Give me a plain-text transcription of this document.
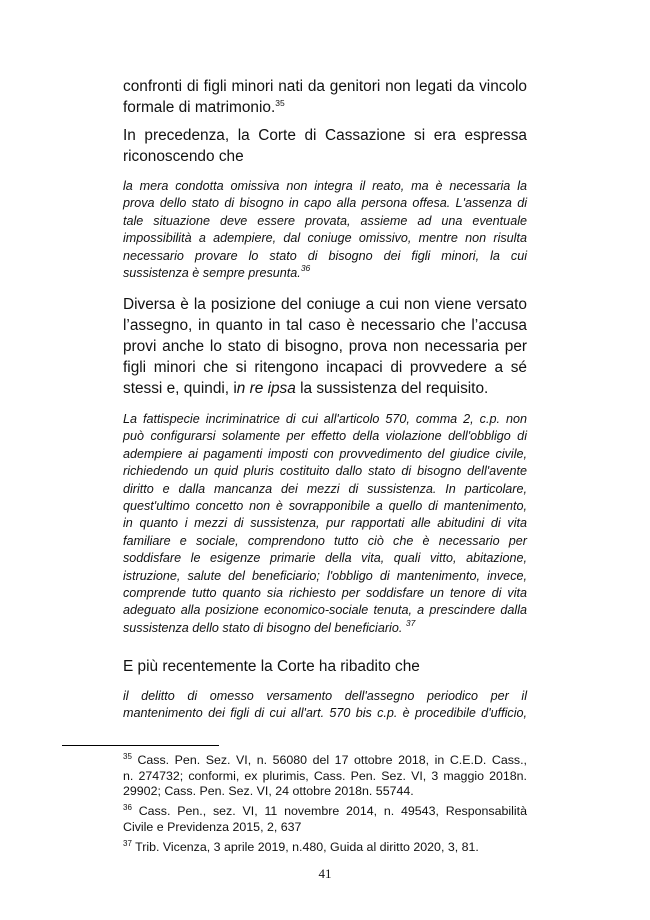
confronti di figli minori nati da genitori non legati da vincolo
formale di matrimonio.$^{35}$

In precedenza, la Corte di Cassazione si era espressa
riconoscendo che

la mera condotta omissiva non integra il reato, ma è necessaria la
prova dello stato di bisogno in capo alla persona offesa. L'assenza di
tale situazione deve essere provata, assieme ad una eventuale
impossibilità a adempiere, dal coniuge omissivo, mentre non risulta
necessario provare lo stato di bisogno dei figli minori, la cui
sussistenza è sempre presunta.$^{36}$

Diversa è la posizione del coniuge a cui non viene versato
l’assegno, in quanto in tal caso è necessario che l’accusa
provi anche lo stato di bisogno, prova non necessaria per
figli minori che si ritengono incapaci di provvedere a sé
stessi e, quindi, in re ipsa la sussistenza del requisito.

La fattispecie incriminatrice di cui all'articolo 570, comma 2, c.p. non
può configurarsi solamente per effetto della violazione dell'obbligo di
adempiere ai pagamenti imposti con provvedimento del giudice civile,
richiedendo un quid pluris costituito dallo stato di bisogno dell'avente
diritto e dalla mancanza dei mezzi di sussistenza. In particolare,
quest'ultimo concetto non è sovrapponibile a quello di mantenimento,
in quanto i mezzi di sussistenza, pur rapportati alle abitudini di vita
familiare e sociale, comprendono tutto ciò che è necessario per
soddisfare le esigenze primarie della vita, quali vitto, abitazione,
istruzione, salute del beneficiario; l'obbligo di mantenimento, invece,
comprende tutto quanto sia richiesto per soddisfare un tenore di vita
adeguato alla posizione economico-sociale tenuta, a prescindere dalla
sussistenza dello stato di bisogno del beneficiario. $^{37}$

E più recentemente la Corte ha ribadito che

il delitto di omesso versamento dell'assegno periodico per il
mantenimento dei figli di cui all'art. 570 bis c.p. è procedibile d'ufficio,

$^{35}$ Cass. Pen. Sez. VI, n. 56080 del 17 ottobre 2018, in C.E.D. Cass.,
n. 274732; conformi, ex plurimis, Cass. Pen. Sez. VI, 3 maggio 2018n.
29902; Cass. Pen. Sez. VI, 24 ottobre 2018n. 55744.

$^{36}$ Cass. Pen., sez. VI, 11 novembre 2014, n. 49543, Responsabilità
Civile e Previdenza 2015, 2, 637

$^{37}$ Trib. Vicenza, 3 aprile 2019, n.480, Guida al diritto 2020, 3, 81.

41
